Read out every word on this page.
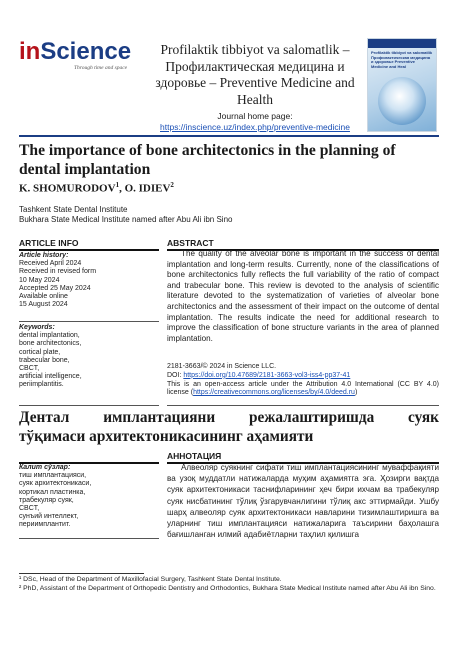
inScience
Through time and space
Profilaktik tibbiyot va salomatlik – Профилактическая медицина и здоровье – Preventive Medicine and Health
Journal home page:
https://inscience.uz/index.php/preventive-medicine
Profilaktik tibbiyot va salomatlik Профилактическая медицина и здоровье Preventive Medicine and Heal
The importance of bone architectonics in the planning of dental implantation
K. SHOMURODOV$^1$, O. IDIEV$^2$
Tashkent State Dental Institute
Bukhara State Medical Institute named after Abu Ali ibn Sino
ARTICLE INFO
Article history:
Received April 2024
Received in revised form
10 May 2024
Accepted 25 May 2024
Available online
15 August 2024
Keywords:
dental implantation,
bone architectonics,
cortical plate,
trabecular bone,
CBCT,
artificial intelligence,
periimplantitis.
ABSTRACT

The quality of the alveolar bone is important in the success of dental implantation and long-term results. Currently, none of the classifications of bone architectonics fully reflects the full variability of the ratio of compact and trabecular bone. This review is devoted to the analysis of scientific literature devoted to the systematization of varieties of alveolar bone architectonics and the assessment of their impact on the outcome of dental implantation. The results indicate the need for additional research to improve the classification of bone structure variants in the area of planned implantation.

2181-3663/© 2024 in Science LLC.
DOI: https://doi.org/10.47689/2181-3663-vol3-iss4-pp37-41
This is an open-access article under the Attribution 4.0 International (CC BY 4.0) license (https://creativecommons.org/licenses/by/4.0/deed.ru)
Дентал имплантацияни режалаштиришда суяк
тўқимаси архитектоникасининг аҳамияти
АННОТАЦИЯ
Калит сўзлар:
тиш имплантацияси,
суяк архитектоникаси,
кортикал пластинка,
трабекуляр суяк,
CBCT,
сунъий интеллект,
периимплантит.

Алвеоляр суякнинг сифати тиш имплантациясининг муваффақияти ва узоқ муддатли натижаларда муҳим аҳамиятга эга. Ҳозирги вақтда суяк архитектоникаси таснифларининг ҳеч бири ихчам ва трабекуляр суяк нисбатининг тўлиқ ўзгарувчанлигини тўлиқ акс эттирмайди. Ушбу шарҳ алвеоляр суяк архитектоникаси навларини тизимлаштиришга ва уларнинг тиш имплантацияси натижаларига таъсирини баҳолашга бағишланган илмий адабиётларни таҳлил қилишга

¹ DSc, Head of the Department of Maxillofacial Surgery, Tashkent State Dental Institute.

² PhD, Assistant of the Department of Orthopedic Dentistry and Orthodontics, Bukhara State Medical Institute named after Abu Ali ibn Sino.
